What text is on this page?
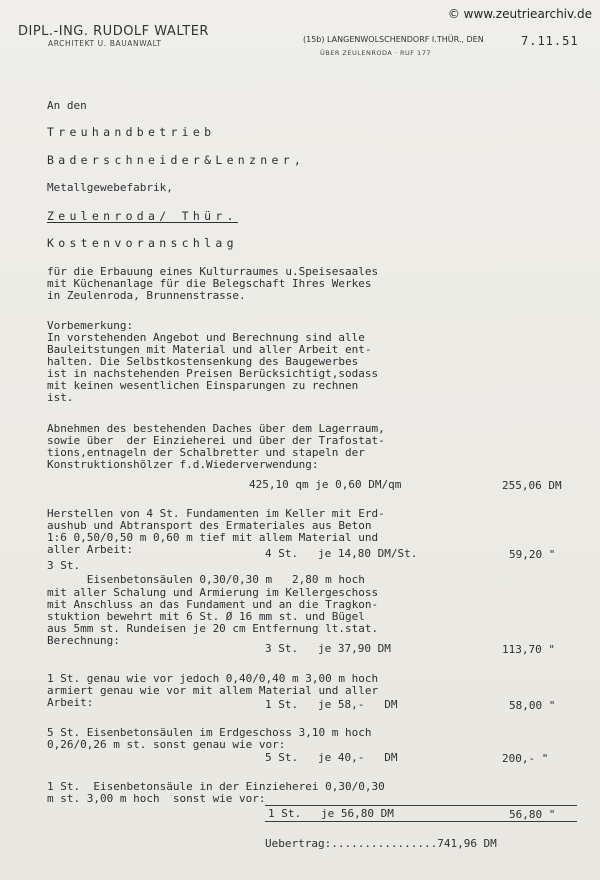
© www.zeutriearchiv.de
DIPL.-ING. RUDOLF WALTER
ARCHITEKT U. BAUANWALT	(15b) LANGENWOLSCHENDORF I.THÜR., DEN
ÜBER ZEULENRODA · RUF 177
7.11.51
An den
Treuhandbetrieb
Baderschneider&Lenzner,
Metallgewebefabrik,
Zeulenroda/ Thür.
Kostenvoranschlag
für die Erbauung eines Kulturraumes u.Speisesaales
mit Küchenanlage für die Belegschaft Ihres Werkes
in Zeulenroda, Brunnenstrasse.
Vorbemerkung:
In vorstehenden Angebot und Berechnung sind alle
Bauleitstungen mit Material und aller Arbeit ent-
halten. Die Selbstkostensenkung des Baugewerbes
ist in nachstehenden Preisen Berücksichtigt,sodass
mit keinen wesentlichen Einsparungen zu rechnen
ist.
Abnehmen des bestehenden Daches über dem Lagerraum,
sowie über  der Einzieherei und über der Trafostat-
tions,entnageln der Schalbretter und stapeln der
Konstruktionshölzer f.d.Wiederverwendung:
425,10 qm je 0,60 DM/qm	255,06 DM
Herstellen von 4 St. Fundamenten im Keller mit Erd-
aushub und Abtransport des Ermateriales aus Beton
1:6 0,50/0,50 m 0,60 m tief mit allem Material und
aller Arbeit:	4 St.   je 14,80 DM/St.	59,20 "
3 St.
Eisenbetonsäulen 0,30/0,30 m   2,80 m hoch
mit aller Schalung und Armierung im Kellergeschoss
mit Anschluss an das Fundament und an die Tragkon-
stuktion bewehrt mit 6 St. Ø 16 mm st. und Bügel
aus 5mm st. Rundeisen je 20 cm Entfernung lt.stat.
Berechnung:
3 St.   je 37,90 DM	113,70 "
1 St. genau wie vor jedoch 0,40/0,40 m 3,00 m hoch
armiert genau wie vor mit allem Material und aller
Arbeit:	1 St.   je 58,-   DM	58,00 "
5 St. Eisenbetonsäulen im Erdgeschoss 3,10 m hoch
0,26/0,26 m st. sonst genau wie vor:
5 St.   je 40,-   DM	200,- "
1 St.  Eisenbetonsäule in der Einzieherei 0,30/0,30
m st. 3,00 m hoch  sonst wie vor:
1 St.   je 56,80 DM	56,80 "
Uebertrag:................741,96 DM
